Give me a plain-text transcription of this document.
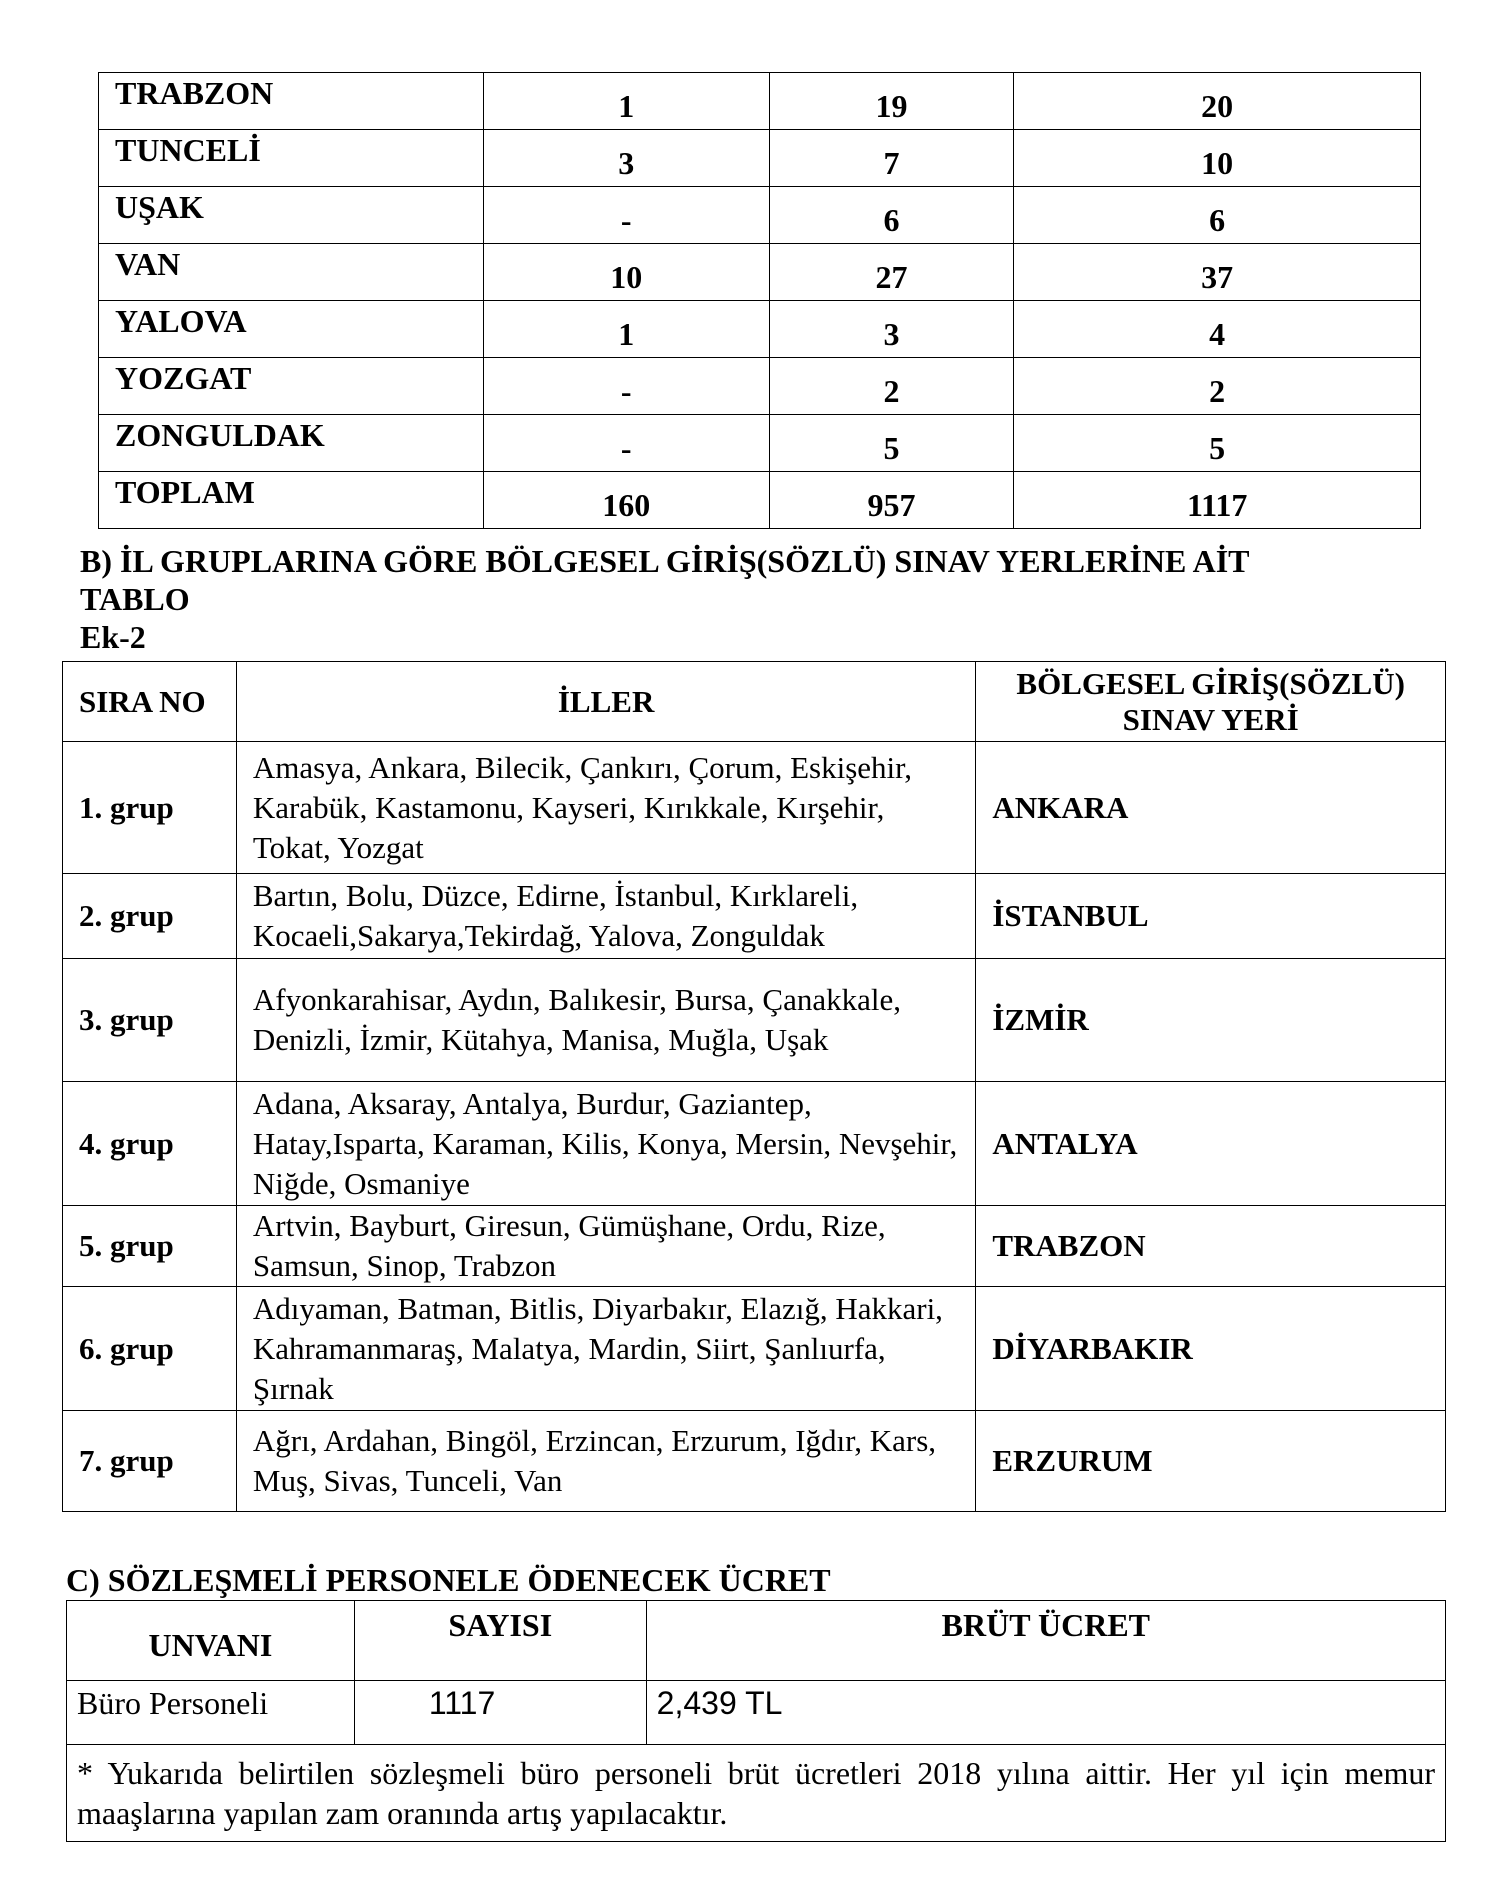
TRABZON	1	19	20
TUNCELİ	3	7	10
UŞAK	-	6	6
VAN	10	27	37
YALOVA	1	3	4
YOZGAT	-	2	2
ZONGULDAK	-	5	5
TOPLAM	160	957	1117
B) İL GRUPLARINA GÖRE BÖLGESEL GİRİŞ(SÖZLÜ) SINAV YERLERİNE AİT
TABLO
Ek-2
SIRA NO	İLLER	BÖLGESEL GİRİŞ(SÖZLÜ)
SINAV YERİ

1. grup	Amasya, Ankara, Bilecik, Çankırı, Çorum, Eskişehir, Karabük, Kastamonu, Kayseri, Kırıkkale, Kırşehir, Tokat, Yozgat	ANKARA
2. grup	Bartın, Bolu, Düzce, Edirne, İstanbul, Kırklareli, Kocaeli,Sakarya,Tekirdağ, Yalova, Zonguldak	İSTANBUL
3. grup	Afyonkarahisar, Aydın, Balıkesir, Bursa, Çanakkale, Denizli, İzmir, Kütahya, Manisa, Muğla, Uşak	İZMİR
4. grup	Adana, Aksaray, Antalya, Burdur, Gaziantep, Hatay,Isparta, Karaman, Kilis, Konya, Mersin, Nevşehir, Niğde, Osmaniye	ANTALYA
5. grup	Artvin, Bayburt, Giresun, Gümüşhane, Ordu, Rize, Samsun, Sinop, Trabzon	TRABZON
6. grup	Adıyaman, Batman, Bitlis, Diyarbakır, Elazığ, Hakkari, Kahramanmaraş, Malatya, Mardin, Siirt, Şanlıurfa, Şırnak	DİYARBAKIR
7. grup	Ağrı, Ardahan, Bingöl, Erzincan, Erzurum, Iğdır, Kars, Muş, Sivas, Tunceli, Van	ERZURUM
C) SÖZLEŞMELİ PERSONELE ÖDENECEK ÜCRET
UNVANI	SAYISI	BRÜT ÜCRET
Büro Personeli	1117	2,439 TL
* Yukarıda belirtilen sözleşmeli büro personeli brüt ücretleri 2018 yılına aittir. Her yıl için memur maaşlarına yapılan zam oranında artış yapılacaktır.		
